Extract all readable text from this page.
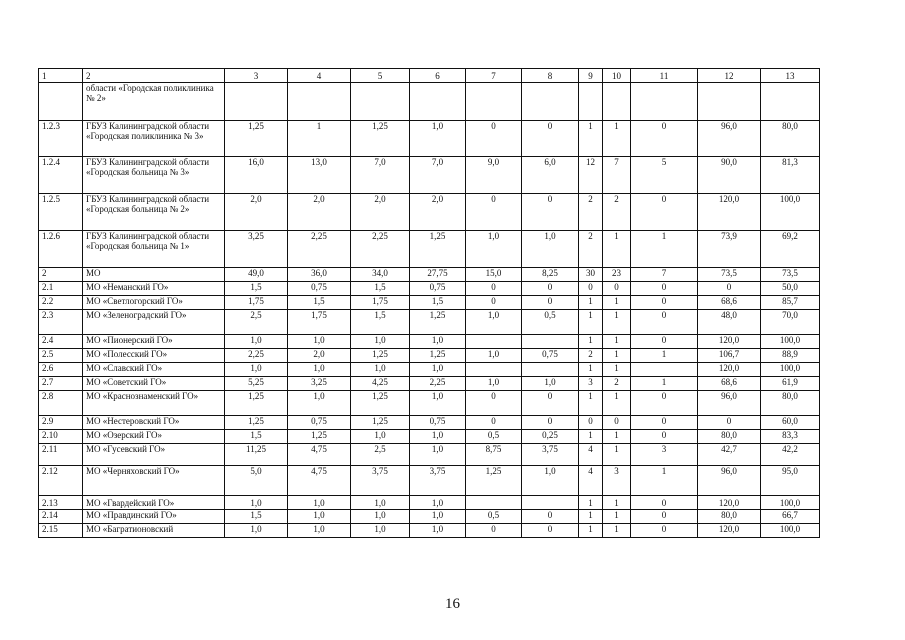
1	2	3	4	5	6	7	8	9	10	11	12	13
	области «Городская поликлиника № 2»											
1.2.3	ГБУЗ Калининградской области «Городская поликлиника № 3»	1,25	1	1,25	1,0	0	0	1	1	0	96,0	80,0
1.2.4	ГБУЗ Калининградской области «Городская больница № 3»	16,0	13,0	7,0	7,0	9,0	6,0	12	7	5	90,0	81,3
1.2.5	ГБУЗ Калининградской области «Городская больница № 2»	2,0	2,0	2,0	2,0	0	0	2	2	0	120,0	100,0
1.2.6	ГБУЗ Калининградской области «Городская больница № 1»	3,25	2,25	2,25	1,25	1,0	1,0	2	1	1	73,9	69,2
2	МО	49,0	36,0	34,0	27,75	15,0	8,25	30	23	7	73,5	73,5
2.1	МО «Неманский ГО»	1,5	0,75	1,5	0,75	0	0	0	0	0	0	50,0
2.2	МО «Светлогорский ГО»	1,75	1,5	1,75	1,5	0	0	1	1	0	68,6	85,7
2.3	МО «Зеленоградский ГО»	2,5	1,75	1,5	1,25	1,0	0,5	1	1	0	48,0	70,0
2.4	МО «Пионерский ГО»	1,0	1,0	1,0	1,0			1	1	0	120,0	100,0
2.5	МО «Полесский ГО»	2,25	2,0	1,25	1,25	1,0	0,75	2	1	1	106,7	88,9
2.6	МО «Славский ГО»	1,0	1,0	1,0	1,0			1	1		120,0	100,0
2.7	МО «Советский ГО»	5,25	3,25	4,25	2,25	1,0	1,0	3	2	1	68,6	61,9
2.8	МО «Краснознаменский ГО»	1,25	1,0	1,25	1,0	0	0	1	1	0	96,0	80,0
2.9	МО «Нестеровский ГО»	1,25	0,75	1,25	0,75	0	0	0	0	0	0	60,0
2.10	МО «Озерский ГО»	1,5	1,25	1,0	1,0	0,5	0,25	1	1	0	80,0	83,3
2.11	МО «Гусевский ГО»	11,25	4,75	2,5	1,0	8,75	3,75	4	1	3	42,7	42,2
2.12	МО «Черняховский ГО»	5,0	4,75	3,75	3,75	1,25	1,0	4	3	1	96,0	95,0
2.13	МО «Гвардейский ГО»	1,0	1,0	1,0	1,0			1	1	0	120,0	100,0
2.14	МО «Правдинский ГО»	1,5	1,0	1,0	1,0	0,5	0	1	1	0	80,0	66,7
2.15	МО «Багратионовский	1,0	1,0	1,0	1,0	0	0	1	1	0	120,0	100,0
16
